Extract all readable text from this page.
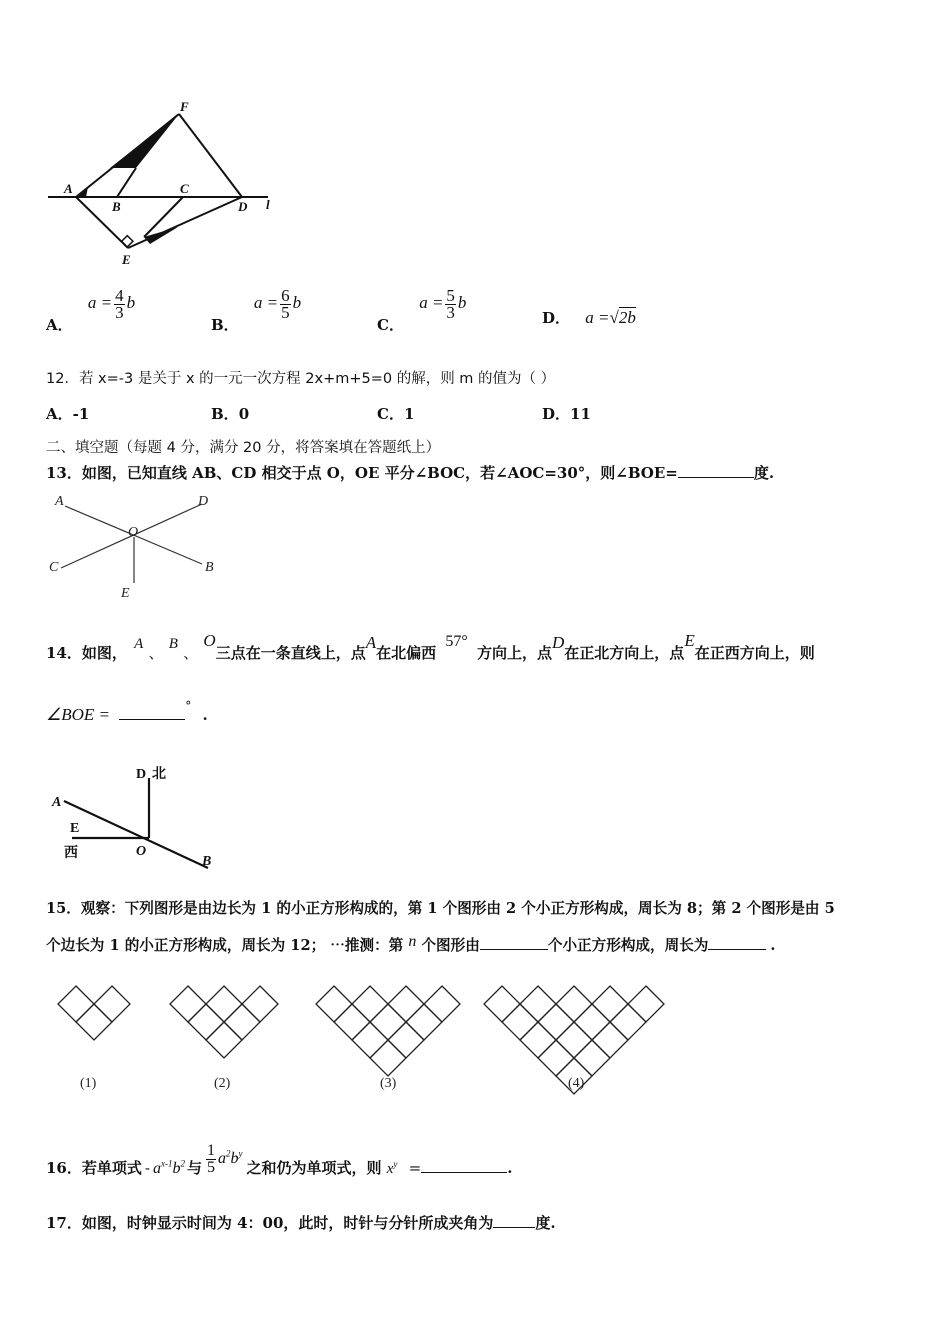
F
A
B
C
D l
E
A． $a = \frac{4}{3}$ b
B． $a = \frac{6}{5}$ b
C． $a = \frac{5}{3}$ b
D． a =√2b
12．若 x=-3 是关于 x 的一元一次方程 2x+m+5=0 的解，则 m 的值为（ ）
A．-1	B．0	C．1	D．11
二、填空题（每题 4 分，满分 20 分，将答案填在答题纸上）
13．如图，已知直线 AB、CD 相交于点 O，OE 平分∠BOC，若∠AOC=30°，则∠BOE=	度.
A	D
O
C	B
E
14．如图， A 、 B 、 O三点在一条直线上，点A在北偏西 57° 方向上，点D在正北方向上，点E在正西方向上，则
∠BOE =	° .
D 北
A
E
西	O
B
15．观察：下列图形是由边长为 1 的小正方形构成的，第 1 个图形由 2 个小正方形构成，周长为 8；第 2 个图形是由 5
个边长为 1 的小正方形构成，周长为 12； ⋯推测：第 n 个图形由	个小正方形构成，周长为	.
(1)	(2)	(3)	(4)
16．若单项式 - $a^{x-1}b^2$ 与 $\frac{1}{5} a^2b^y$之和仍为单项式，则 $x^y$ =	.
17．如图，时钟显示时间为 4：00，此时，时针与分针所成夹角为	度.
